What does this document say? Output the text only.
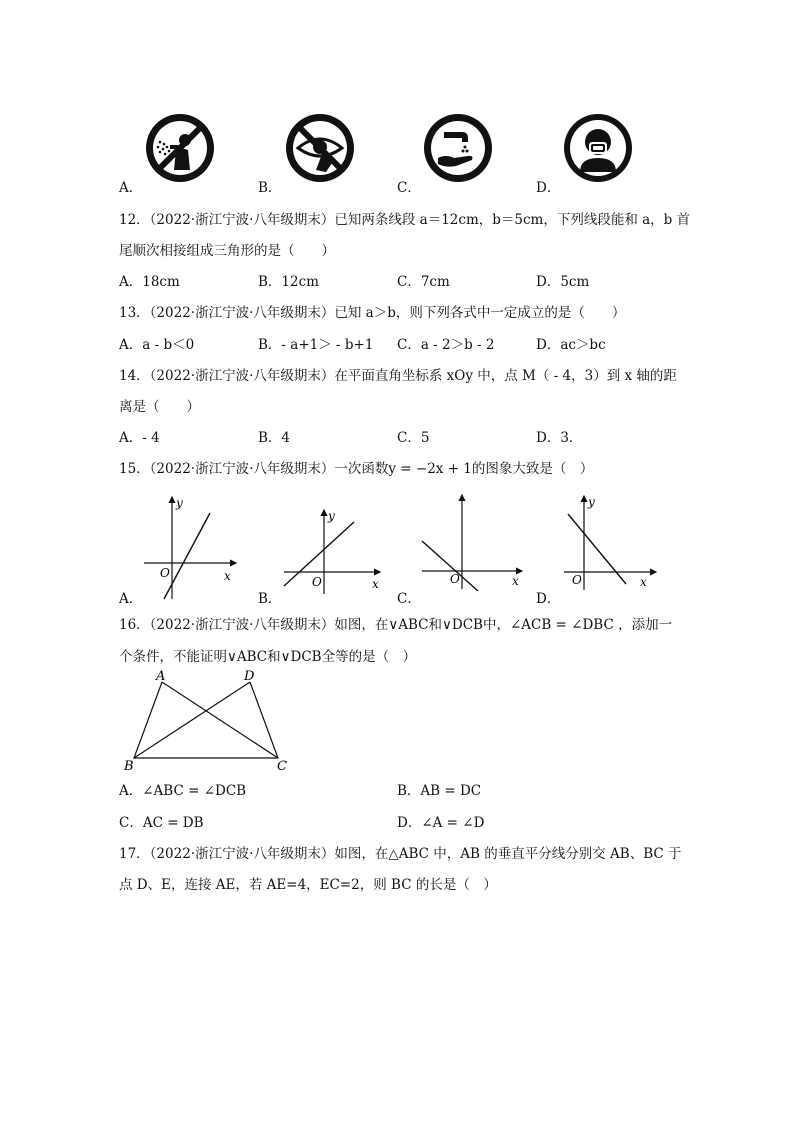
A．	B．	C．	D．
12．（2022·浙江宁波·八年级期末）已知两条线段 a＝12cm，b＝5cm，下列线段能和 a，b 首
尾顺次相接组成三角形的是（　　）
A．18cm	B．12cm	C．7cm	D．5cm
13．（2022·浙江宁波·八年级期末）已知 a＞b，则下列各式中一定成立的是（　　）
A．a - b＜0	B．- a+1＞ - b+1 C．a - 2＞b - 2	D．ac＞bc
14．（2022·浙江宁波·八年级期末）在平面直角坐标系 xOy 中，点 M（ - 4，3）到 x 轴的距
离是（　　）
A．- 4	B．4	C．5	D．3．
15．（2022·浙江宁波·八年级期末）一次函数y = −2x + 1的图象大致是（　）
y
x
O
y
x
O	x
O
y
x
O
A．	B．	C．	D．
16．（2022·浙江宁波·八年级期末）如图，在∨ABC和∨DCB中，∠ACB = ∠DBC ，添加一
个条件，不能证明∨ABC和∨DCB全等的是（　）
A	D
B	C
A．∠ABC = ∠DCB	B．AB = DC
C．AC = DB	D．∠A = ∠D
17．（2022·浙江宁波·八年级期末）如图，在△ABC 中，AB 的垂直平分线分别交 AB、BC 于
点 D、E，连接 AE，若 AE=4，EC=2，则 BC 的长是（　）
